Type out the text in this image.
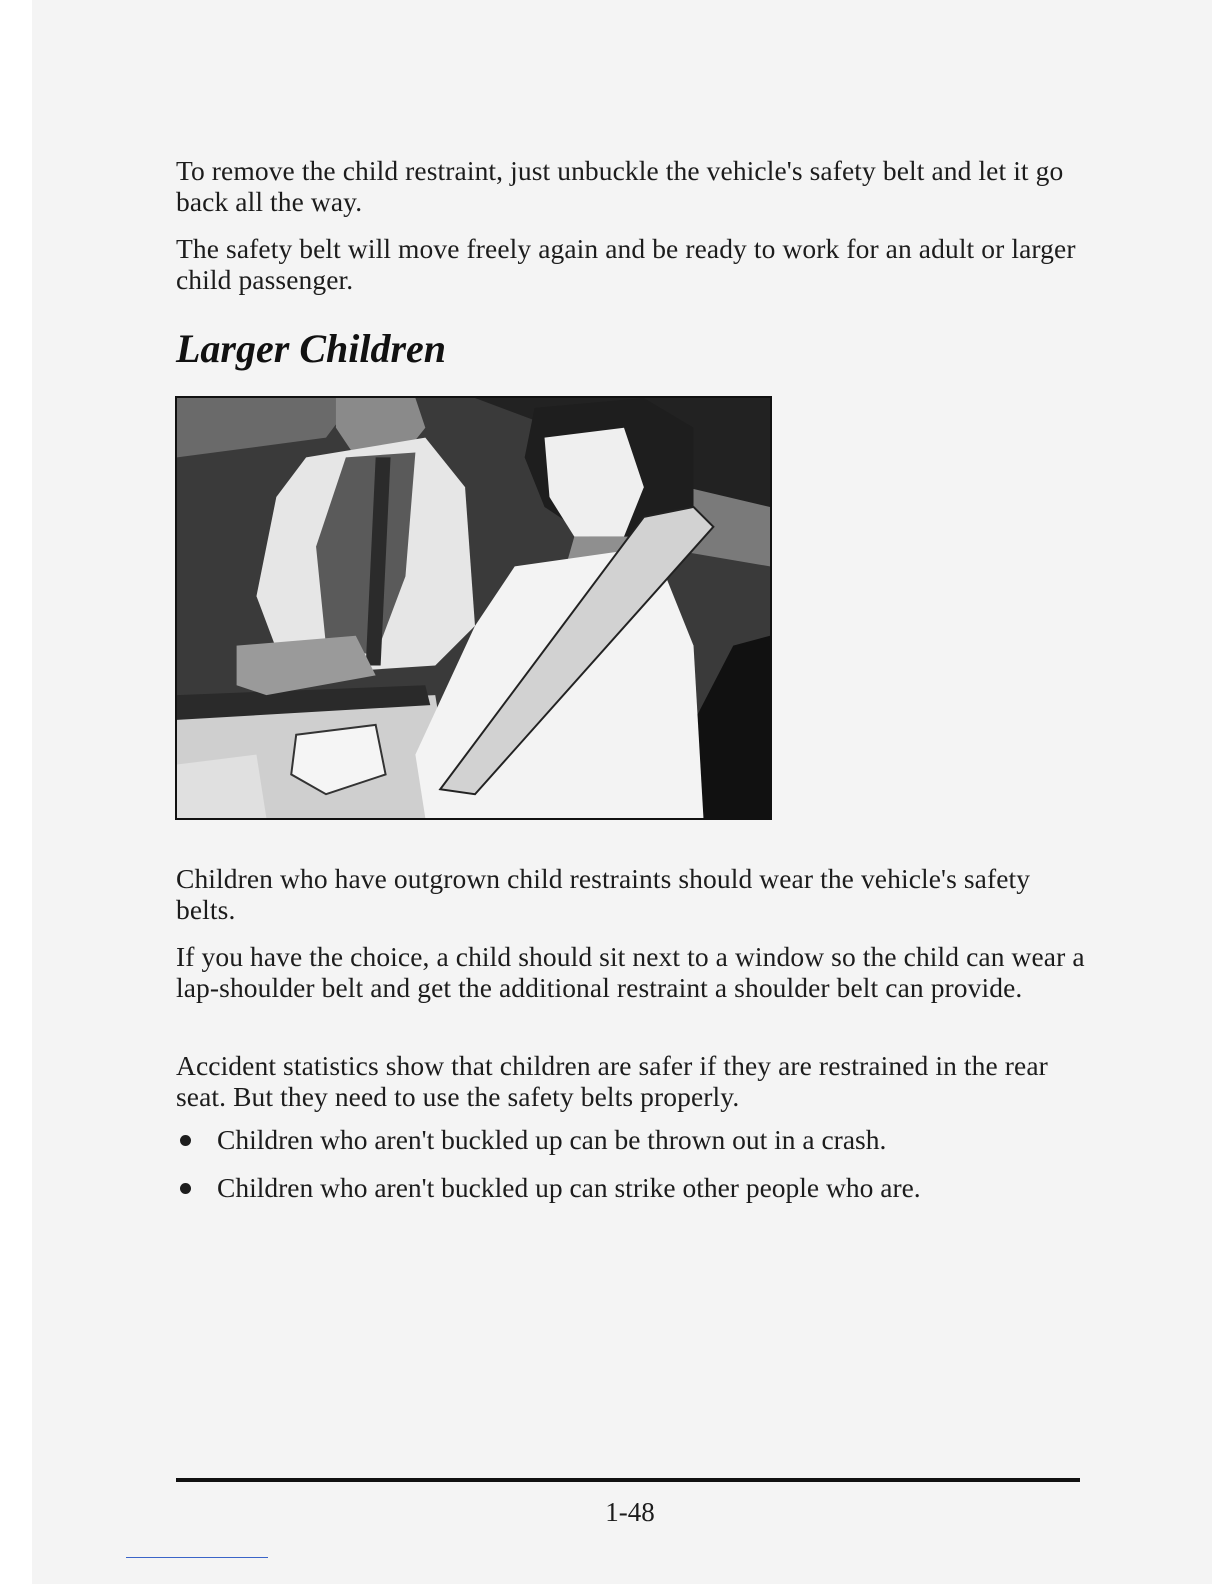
To remove the child restraint, just unbuckle the vehicle's safety belt and let it go back all the way.

The safety belt will move freely again and be ready to work for an adult or larger child passenger.

Larger Children

Children who have outgrown child restraints should wear the vehicle's safety belts.

If you have the choice, a child should sit next to a window so the child can wear a lap-shoulder belt and get the additional restraint a shoulder belt can provide.

Accident statistics show that children are safer if they are restrained in the rear seat. But they need to use the safety belts properly.

Children who aren't buckled up can be thrown out in a crash.
Children who aren't buckled up can strike other people who are.
1-48
